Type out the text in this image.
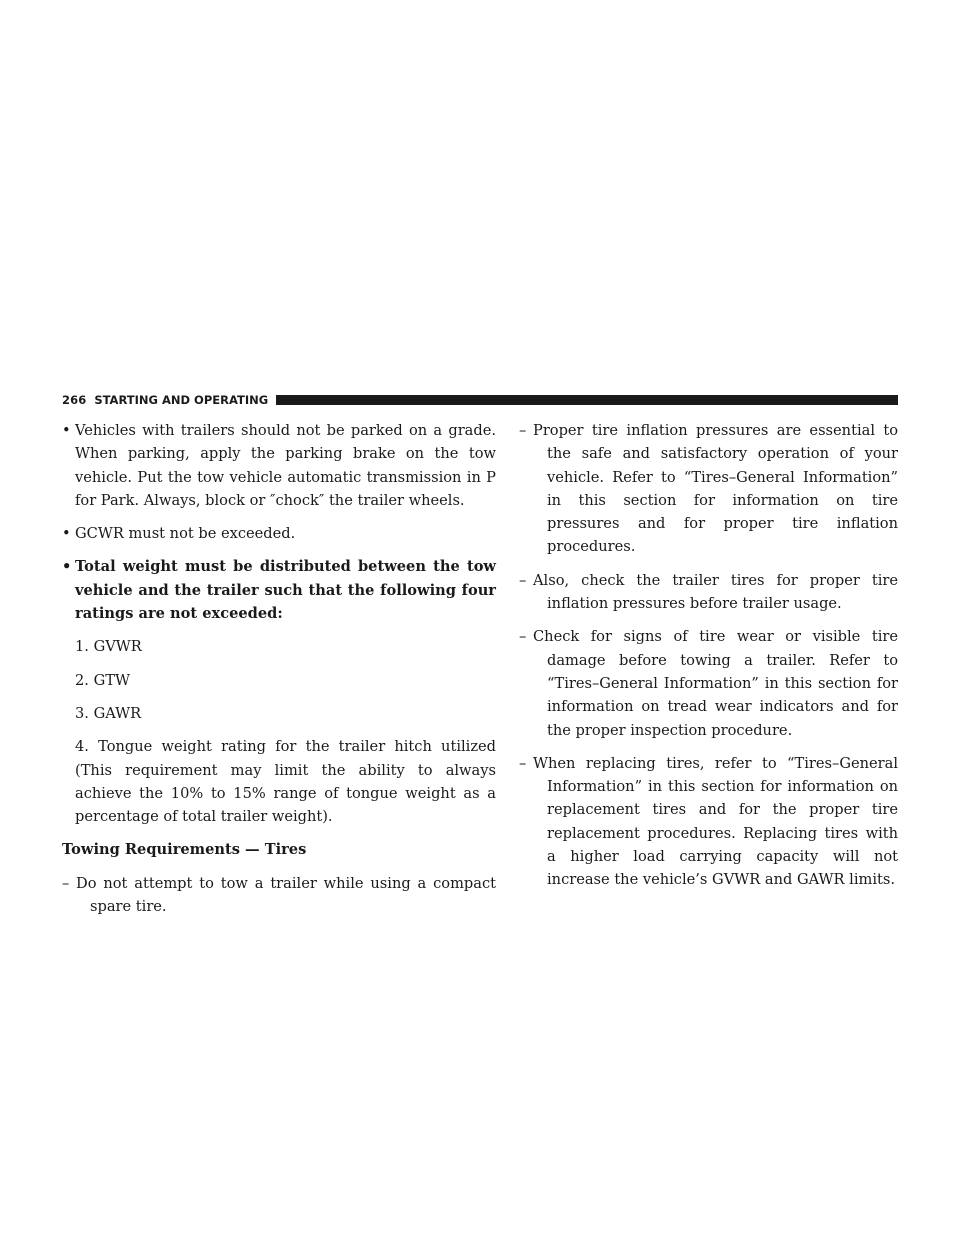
266 STARTING AND OPERATING
• Vehicles with trailers should not be parked on a grade. When parking, apply the parking brake on the tow vehicle. Put the tow vehicle automatic transmission in P for Park. Always, block or ″chock″ the trailer wheels.
• GCWR must not be exceeded.
• Total weight must be distributed between the tow vehicle and the trailer such that the following four ratings are not exceeded:
1. GVWR
2. GTW
3. GAWR
4. Tongue weight rating for the trailer hitch utilized (This requirement may limit the ability to always achieve the 10% to 15% range of tongue weight as a percentage of total trailer weight).
Towing Requirements — Tires
– Do not attempt to tow a trailer while using a compact spare tire.
– Proper tire inflation pressures are essential to the safe and satisfactory operation of your vehicle. Refer to “Tires–General Information” in this section for information on tire pressures and for proper tire inflation procedures.
– Also, check the trailer tires for proper tire inflation pressures before trailer usage.
– Check for signs of tire wear or visible tire damage before towing a trailer. Refer to “Tires–General Information” in this section for information on tread wear indicators and for the proper inspection procedure.
– When replacing tires, refer to “Tires–General Information” in this section for information on replacement tires and for the proper tire replacement procedures. Replacing tires with a higher load carrying capacity will not increase the vehicle’s GVWR and GAWR limits.
